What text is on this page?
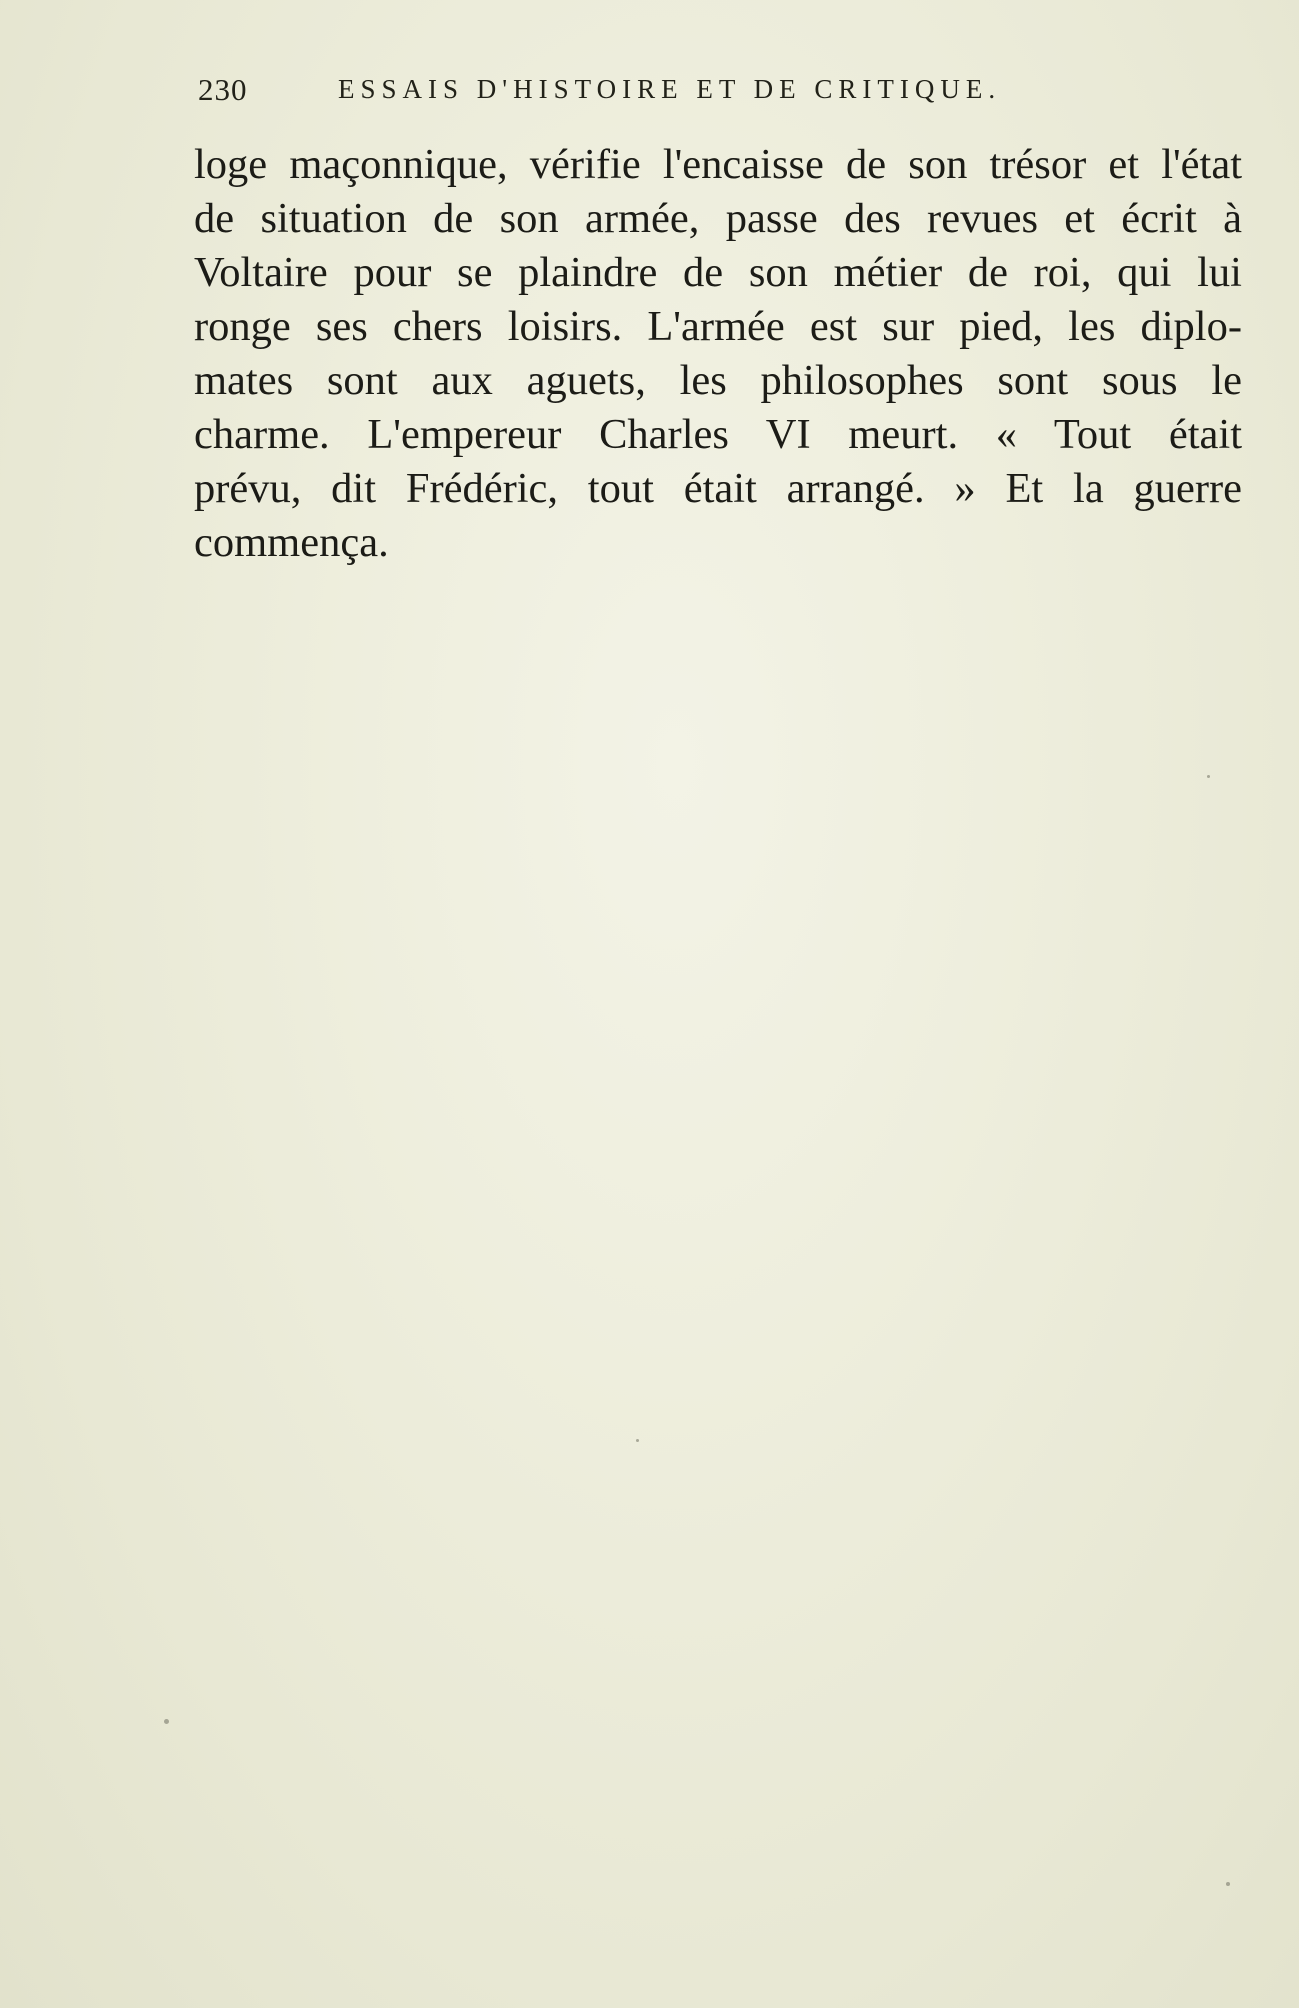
230	ESSAIS D'HISTOIRE ET DE CRITIQUE.
loge maçonnique, vérifie l'encaisse de son trésor et l'état
de situation de son armée, passe des revues et écrit à
Voltaire pour se plaindre de son métier de roi, qui lui
ronge ses chers loisirs. L'armée est sur pied, les diplo-
mates sont aux aguets, les philosophes sont sous le
charme. L'empereur Charles VI meurt. « Tout était
prévu, dit Frédéric, tout était arrangé. » Et la guerre
commença.
